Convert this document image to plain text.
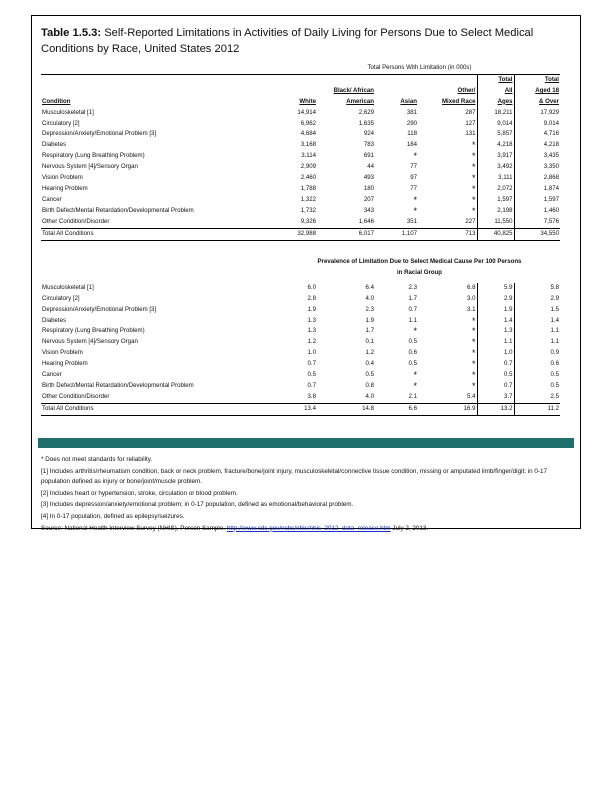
Table 1.5.3: Self-Reported Limitations in Activities of Daily Living for Persons Due to Select Medical Conditions by Race, United States 2012
	Total Persons With Limitation (in 000s)					
					Total	Total
		Black/ African		Other/	All	Aged 18
Condition	White	American	Asian	Mixed Race	Ages	& Over
Musculoskeletal [1]	14,914	2,629	381	287	18,211	17,929
Circulatory [2]	6,962	1,635	290	127	9,014	9,014
Depression/Anxiety/Emotional Problem [3]	4,684	924	118	131	5,857	4,716
Diabetes	3,168	783	184	*	4,218	4,218
Respiratory (Lung Breathing Problem)	3,114	691	*	*	3,917	3,435
Nervous System [4]/Sensory Organ	2,909	44	77	*	3,492	3,350
Vision Problem	2,460	493	97	*	3,111	2,868
Hearing Problem	1,788	180	77	*	2,072	1,874
Cancer	1,322	207	*	*	1,597	1,597
Birth Defect/Mental Retardation/Developmental Problem	1,732	343	*	*	2,198	1,460
Other Condition/Disorder	9,326	1,646	351	227	11,550	7,576
Total All Conditions	32,988	6,017	1,107	713	40,825	34,550
	Prevalence of Limitation Due to Select Medical Cause Per 100 Persons					
	in Racial Group					

Musculoskeletal [1]	6.0	6.4	2.3	6.8	5.9	5.8
Circulatory [2]	2.8	4.0	1.7	3.0	2.9	2.9
Depression/Anxiety/Emotional Problem [3]	1.9	2.3	0.7	3.1	1.9	1.5
Diabetes	1.3	1.9	1.1	*	1.4	1.4
Respiratory (Lung Breathing Problem)	1.3	1.7	*	*	1.3	1.1
Nervous System [4]/Sensory Organ	1.2	0.1	0.5	*	1.1	1.1
Vision Problem	1.0	1.2	0.6	*	1.0	0.9
Hearing Problem	0.7	0.4	0.5	*	0.7	0.6
Cancer	0.5	0.5	*	*	0.5	0.5
Birth Defect/Mental Retardation/Developmental Problem	0.7	0.8	*	*	0.7	0.5
Other Condition/Disorder	3.8	4.0	2.1	5.4	3.7	2.5
Total All Conditions	13.4	14.8	6.6	16.9	13.2	11.2

* Does not meet standards for reliability.

[1] Includes arthritis/rheumatism condition, back or neck problem, fracture/bone/joint injury, musculoskeletal/connective tissue condition, missing or amputated limb/finger/digit; in 0-17 population defined as injury or bone/joint/muscle problem.

[2] Includes heart or hypertension, stroke, circulation or blood problem.

[3] Includes depression/anxiety/emotional problem; in 0-17 population, defined as emotional/behavioral problem.

[4] In 0-17 population, defined as epilepsy/seizures.

Source: National Health Interview Survey (NHIS), Person Sample. http://www.cdc.gov/nchs/nhis/nhis_2012_data_release.htm July 2, 2013.
